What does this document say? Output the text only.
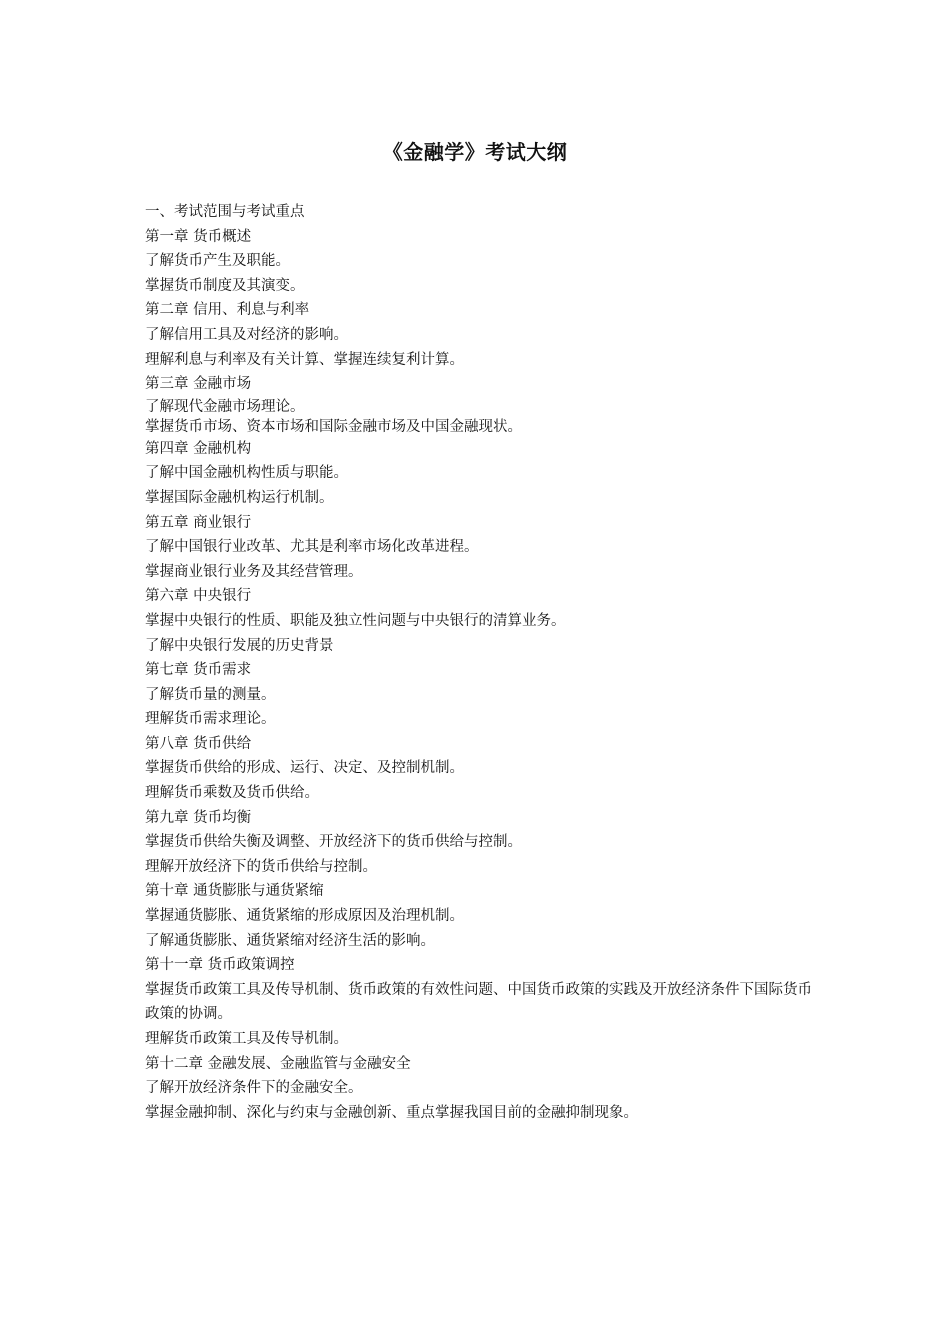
《金融学》考试大纲

一、考试范围与考试重点

第一章 货币概述

了解货币产生及职能。

掌握货币制度及其演变。

第二章 信用、利息与利率

了解信用工具及对经济的影响。

理解利息与利率及有关计算、掌握连续复利计算。

第三章 金融市场

了解现代金融市场理论。

掌握货币市场、资本市场和国际金融市场及中国金融现状。

第四章 金融机构

了解中国金融机构性质与职能。

掌握国际金融机构运行机制。

第五章 商业银行

了解中国银行业改革、尤其是利率市场化改革进程。

掌握商业银行业务及其经营管理。

第六章 中央银行

掌握中央银行的性质、职能及独立性问题与中央银行的清算业务。

了解中央银行发展的历史背景

第七章 货币需求

了解货币量的测量。

理解货币需求理论。

第八章 货币供给

掌握货币供给的形成、运行、决定、及控制机制。

理解货币乘数及货币供给。

第九章 货币均衡

掌握货币供给失衡及调整、开放经济下的货币供给与控制。

理解开放经济下的货币供给与控制。

第十章 通货膨胀与通货紧缩

掌握通货膨胀、通货紧缩的形成原因及治理机制。

了解通货膨胀、通货紧缩对经济生活的影响。

第十一章 货币政策调控

掌握货币政策工具及传导机制、货币政策的有效性问题、中国货币政策的实践及开放经济条件下国际货币政策的协调。

理解货币政策工具及传导机制。

第十二章 金融发展、金融监管与金融安全

了解开放经济条件下的金融安全。

掌握金融抑制、深化与约束与金融创新、重点掌握我国目前的金融抑制现象。
